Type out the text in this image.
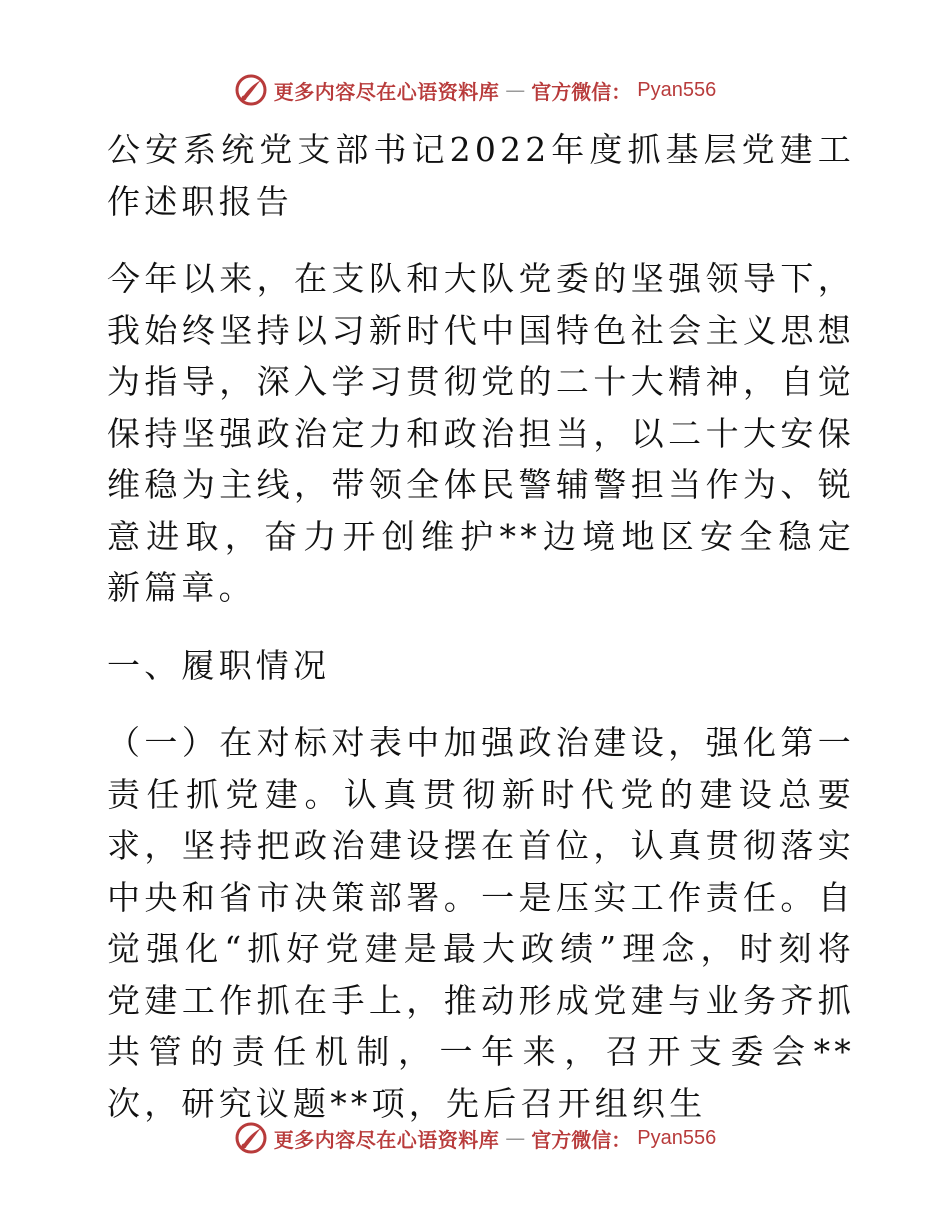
更多内容尽在心语资料库 — 官方微信： Pyan556

公安系统党支部书记2022年度抓基层党建工作述职报告

今年以来，在支队和大队党委的坚强领导下，我始终坚持以习新时代中国特色社会主义思想为指导，深入学习贯彻党的二十大精神，自觉保持坚强政治定力和政治担当，以二十大安保维稳为主线，带领全体民警辅警担当作为、锐意进取，奋力开创维护**边境地区安全稳定新篇章。

一、履职情况

（一）在对标对表中加强政治建设，强化第一责任抓党建。认真贯彻新时代党的建设总要求，坚持把政治建设摆在首位，认真贯彻落实中央和省市决策部署。一是压实工作责任。自觉强化“抓好党建是最大政绩”理念，时刻将党建工作抓在手上，推动形成党建与业务齐抓共管的责任机制，一年来，召开支委会**次，研究议题**项，先后召开组织生

更多内容尽在心语资料库 — 官方微信： Pyan556
